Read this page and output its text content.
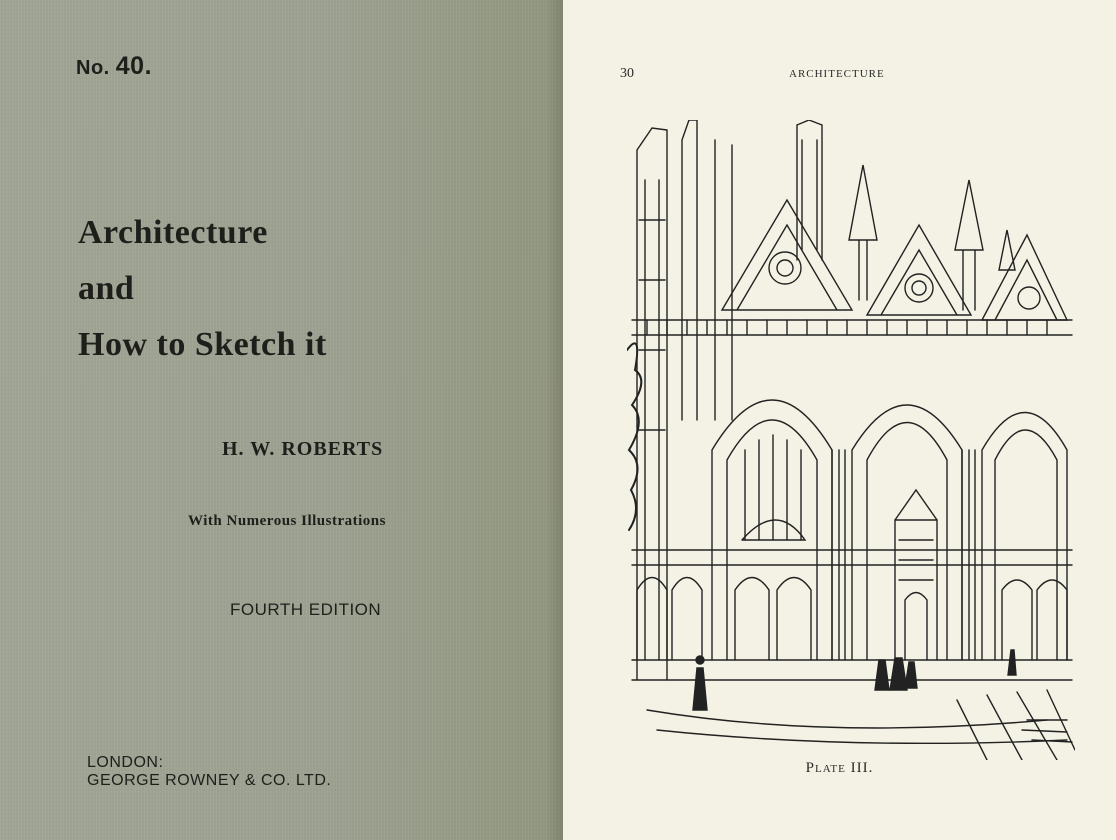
No. 40.
Architecture
and
How to Sketch it
H. W. ROBERTS
With Numerous Illustrations
FOURTH EDITION
LONDON:
GEORGE ROWNEY & CO. LTD.
30	ARCHITECTURE
Plate III.
